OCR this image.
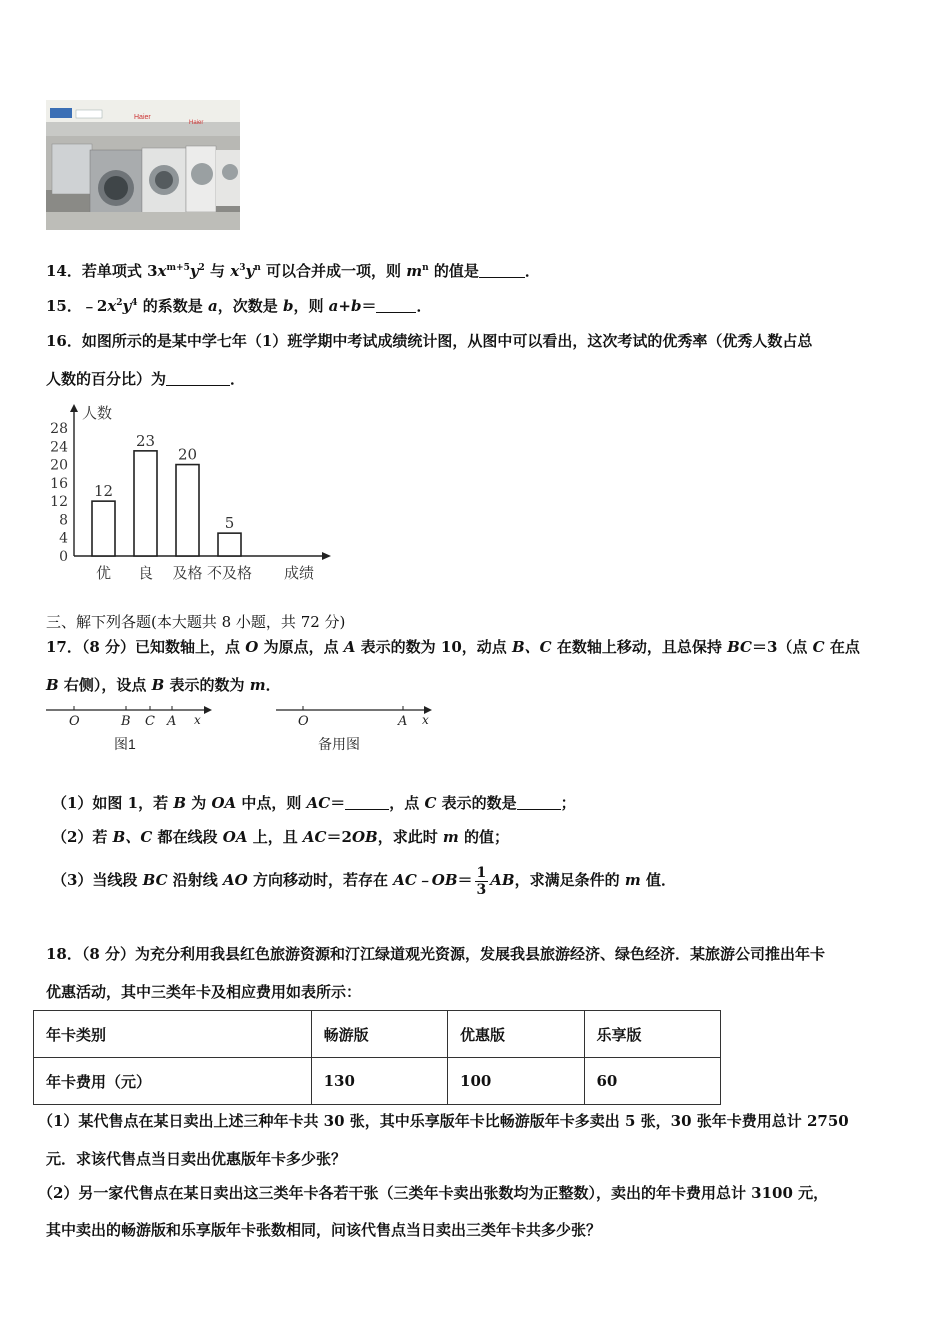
Haier
Haier
14．若单项式 $3x^{m+5}y^2$ 与 $x^3y^n$ 可以合并成一项，则 $m^n$ 的值是	．
15．$﹣2x^2y^4$ 的系数是 a，次数是 b，则 a+b＝	．
16．如图所示的是某中学七年（1）班学期中考试成绩统计图，从图中可以看出，这次考试的优秀率（优秀人数占总
人数的百分比）为	．
0
4
8
12
16
20
24
28
人数
成绩
12
优
23
良
20
及格
5
不及格
三、解下列各题(本大题共 8 小题，共 72 分)
17．（8 分）已知数轴上，点 O 为原点，点 A 表示的数为 10，动点 B、C 在数轴上移动，且总保持 BC＝3（点 C 在点
B 右侧），设点 B 表示的数为 m．
O	B C A x
图1
O	A x
备用图
（1）如图 1，若 B 为 OA 中点，则 AC＝	，点 C 表示的数是	；
（2）若 B、C 都在线段 OA 上，且 AC＝2OB，求此时 m 的值；
（3）当线段 BC 沿射线 AO 方向移动时，若存在 AC﹣OB＝ $\frac{1}{3}$ AB，求满足条件的 m 值．
18．（8 分）为充分利用我县红色旅游资源和汀江绿道观光资源，发展我县旅游经济、绿色经济．某旅游公司推出年卡
优惠活动，其中三类年卡及相应费用如表所示：
年卡类别	畅游版	优惠版	乐享版
年卡费用（元）	130	100	60
（1）某代售点在某日卖出上述三种年卡共 30 张，其中乐享版年卡比畅游版年卡多卖出 5 张，30 张年卡费用总计 2750
元．求该代售点当日卖出优惠版年卡多少张？
（2）另一家代售点在某日卖出这三类年卡各若干张（三类年卡卖出张数均为正整数），卖出的年卡费用总计 3100 元，
其中卖出的畅游版和乐享版年卡张数相同，问该代售点当日卖出三类年卡共多少张？
